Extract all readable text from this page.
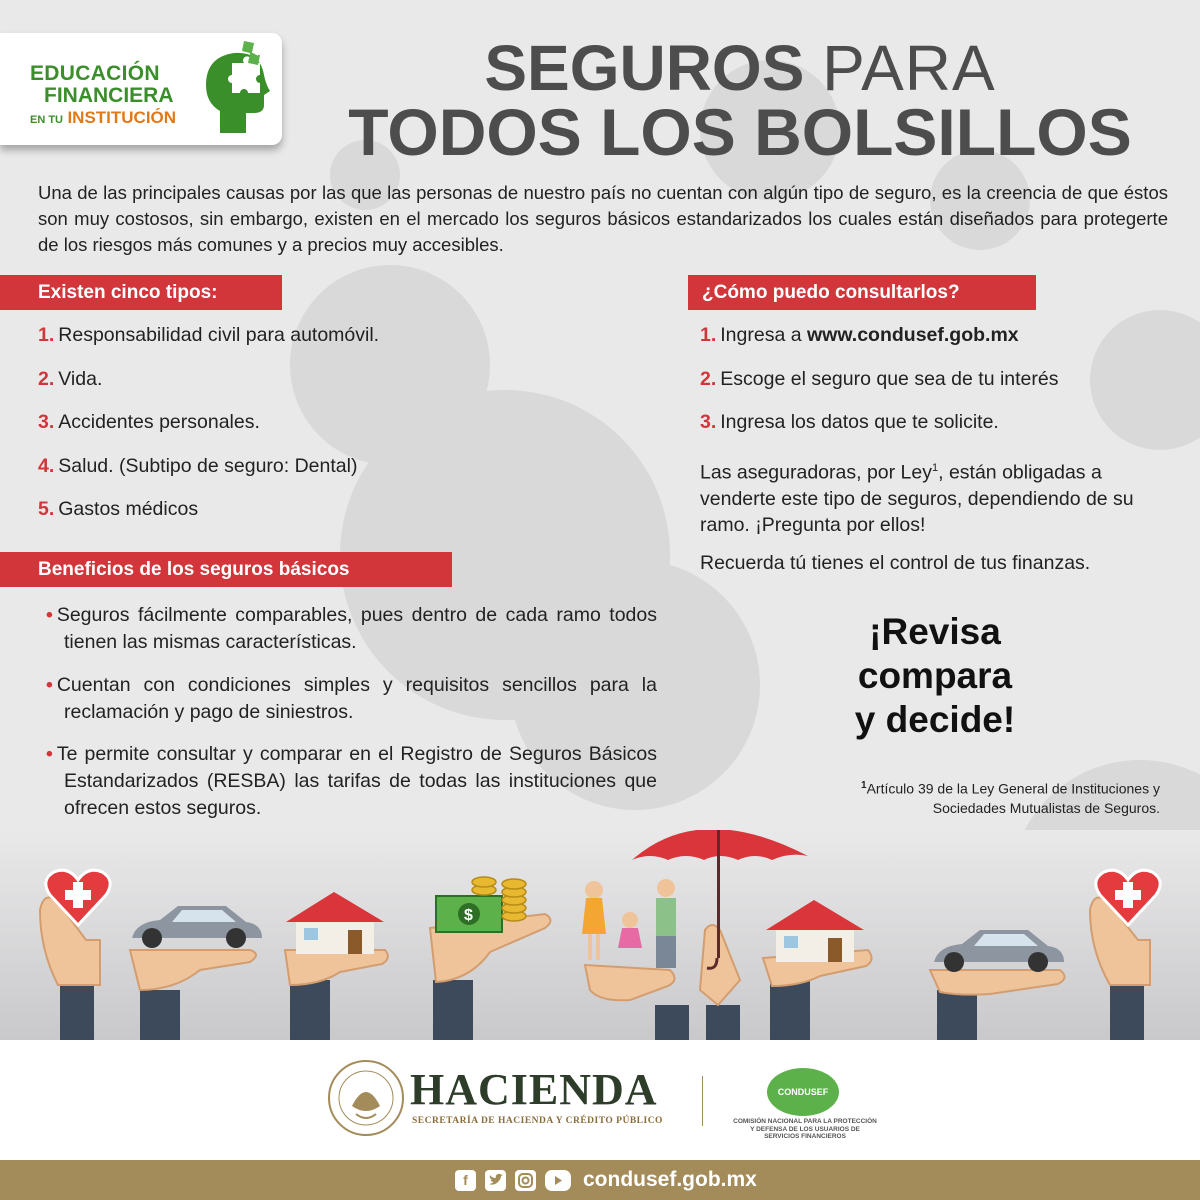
EDUCACIÓN
FINANCIERA
EN TU INSTITUCIÓN
$	SEGUROS PARA
TODOS LOS BOLSILLOS
Una de las principales causas por las que las personas de nuestro país no cuentan con algún tipo de seguro, es la creencia de que éstos son muy costosos, sin embargo, existen en el mercado los seguros básicos estandarizados los cuales están diseñados para protegerte de los riesgos más comunes y a precios muy accesibles.
Existen cinco tipos:
1. Responsabilidad civil para automóvil.
2. Vida.
3. Accidentes personales.
4. Salud. (Subtipo de seguro: Dental)
5. Gastos médicos
Beneficios de los seguros básicos
• Seguros fácilmente comparables, pues dentro de cada ramo todos tienen las mismas características.
• Cuentan con condiciones simples y requisitos sencillos para la reclamación y pago de siniestros.
• Te permite consultar y comparar en el Registro de Seguros Básicos Estandarizados (RESBA) las tarifas de todas las instituciones que ofrecen estos seguros.
¿Cómo puedo consultarlos?
1. Ingresa a www.condusef.gob.mx
2. Escoge el seguro que sea de tu interés
3. Ingresa los datos que te solicite.
Las aseguradoras, por Ley$^1$, están obligadas a venderte este tipo de seguros, dependiendo de su ramo. ¡Pregunta por ellos!
Recuerda tú tienes el control de tus finanzas.
¡Revisa
compara
y decide!
$^1$Artículo 39 de la Ley General de Instituciones y
Sociedades Mutualistas de Seguros.
$
HACIENDA
SECRETARÍA DE HACIENDA Y CRÉDITO PÚBLICO
CONDUSEF
COMISIÓN NACIONAL PARA LA PROTECCIÓN
Y DEFENSA DE LOS USUARIOS DE
SERVICIOS FINANCIEROS
f	condusef.gob.mx
